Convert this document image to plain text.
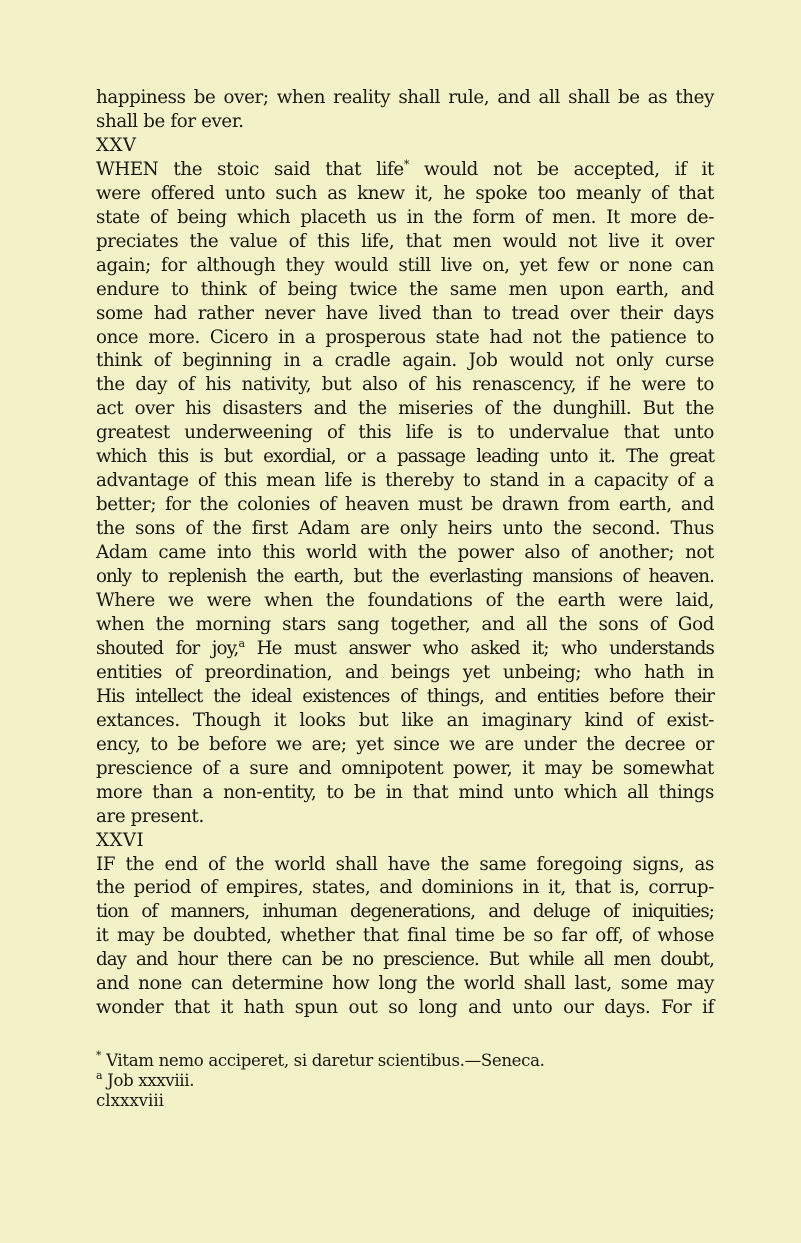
happiness be over; when reality shall rule, and all shall be as they
shall be for ever.
XXV
WHEN the stoic said that life* would not be accepted, if it
were offered unto such as knew it, he spoke too meanly of that
state of being which placeth us in the form of men. It more de-
preciates the value of this life, that men would not live it over
again; for although they would still live on, yet few or none can
endure to think of being twice the same men upon earth, and
some had rather never have lived than to tread over their days
once more. Cicero in a prosperous state had not the patience to
think of beginning in a cradle again. Job would not only curse
the day of his nativity, but also of his renascency, if he were to
act over his disasters and the miseries of the dunghill. But the
greatest underweening of this life is to undervalue that unto
which this is but exordial, or a passage leading unto it. The great
advantage of this mean life is thereby to stand in a capacity of a
better; for the colonies of heaven must be drawn from earth, and
the sons of the first Adam are only heirs unto the second. Thus
Adam came into this world with the power also of another; not
only to replenish the earth, but the everlasting mansions of heaven.
Where we were when the foundations of the earth were laid,
when the morning stars sang together, and all the sons of God
shouted for joy,$^a$ He must answer who asked it; who understands
entities of preordination, and beings yet unbeing; who hath in
His intellect the ideal existences of things, and entities before their
extances. Though it looks but like an imaginary kind of exist-
ency, to be before we are; yet since we are under the decree or
prescience of a sure and omnipotent power, it may be somewhat
more than a non-entity, to be in that mind unto which all things
are present.
XXVI
IF the end of the world shall have the same foregoing signs, as
the period of empires, states, and dominions in it, that is, corrup-
tion of manners, inhuman degenerations, and deluge of iniquities;
it may be doubted, whether that final time be so far off, of whose
day and hour there can be no prescience. But while all men doubt,
and none can determine how long the world shall last, some may
wonder that it hath spun out so long and unto our days. For if
* Vitam nemo acciperet, si daretur scientibus.—Seneca.
$^a$ Job xxxviii.
clxxxviii
